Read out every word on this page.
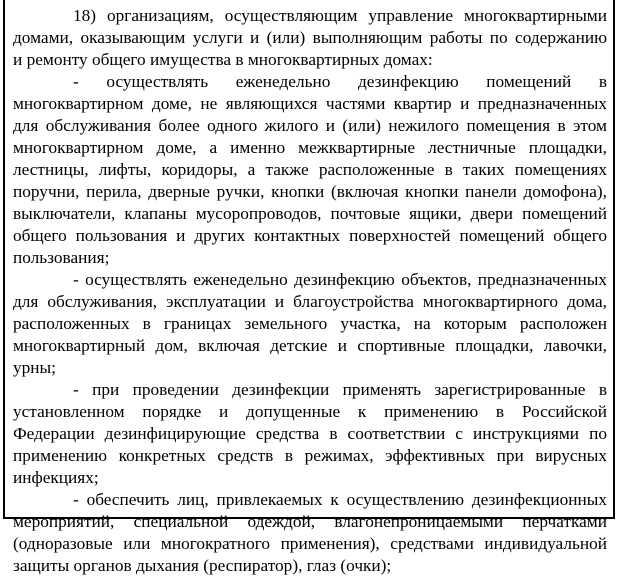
18) организациям, осуществляющим управление многоквартирными
домами, оказывающим услуги и (или) выполняющим работы по содержанию
и ремонту общего имущества в многоквартирных домах:
- осуществлять еженедельно дезинфекцию помещений в
многоквартирном доме, не являющихся частями квартир и предназначенных
для обслуживания более одного жилого и (или) нежилого помещения в этом
многоквартирном доме, а именно межквартирные лестничные площадки,
лестницы, лифты, коридоры, а также расположенные в таких помещениях
поручни, перила, дверные ручки, кнопки (включая кнопки панели домофона),
выключатели, клапаны мусоропроводов, почтовые ящики, двери помещений
общего пользования и других контактных поверхностей помещений общего
пользования;
- осуществлять еженедельно дезинфекцию объектов, предназначенных
для обслуживания, эксплуатации и благоустройства многоквартирного дома,
расположенных в границах земельного участка, на которым расположен
многоквартирный дом, включая детские и спортивные площадки, лавочки,
урны;
- при проведении дезинфекции применять зарегистрированные в
установленном порядке и допущенные к применению в Российской
Федерации дезинфицирующие средства в соответствии с инструкциями по
применению конкретных средств в режимах, эффективных при вирусных
инфекциях;
- обеспечить лиц, привлекаемых к осуществлению дезинфекционных
мероприятий, специальной одеждой, влагонепроницаемыми перчатками
(одноразовые или многократного применения), средствами индивидуальной
защиты органов дыхания (респиратор), глаз (очки);
